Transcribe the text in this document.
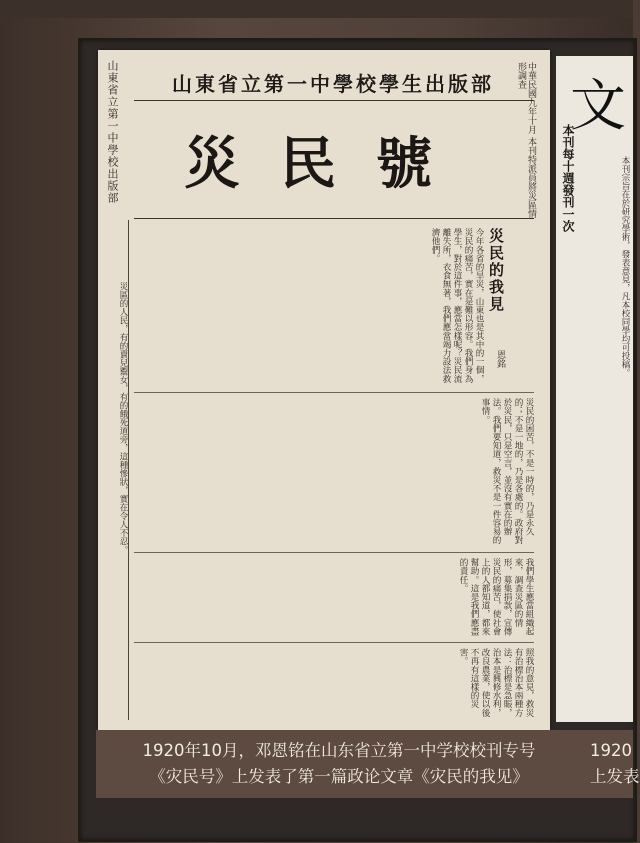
山東省立第一中學校出版部	山東省立第一中學校學生出版部
災民號	中華民國九年十月 本刊特派員將災區情形調查
災民的我見
恩銘
災區的人民，有的賣兒鬻女，有的餓死道旁，這種慘狀，實在令人不忍。	今年各省的旱災，山東也是其中的一個，災民的痛苦，實在是難以形容。我們身為學生，對於這件事，應當怎樣呢？災民流離失所，衣食無著，我們應當竭力設法救濟他們。
災民的困苦，不是一時的，乃是永久的；不是一地的，乃是各處的。政府對於災民，只是空言，並沒有實在的辦法。我們要知道，救災不是一件容易的事情。
我們學生應當組織起來，調查災區的情形，募集捐款，宣傳災民的痛苦，使社會上的人都知道，都來幫助。這是我們應盡的責任。
照我的意見，救災有治標治本兩種方法：治標是急賑，治本是興修水利，改良農業，使以後不再有這樣的災害。
文
本刊每十週發刊一次	本刊宗旨在於研究學術，發表意見，凡本校同學均可投稿。
1920年10月，邓恩铭在山东省立第一中学校校刊专号
《灾民号》上发表了第一篇政论文章《灾民的我见》
1920
上发表
